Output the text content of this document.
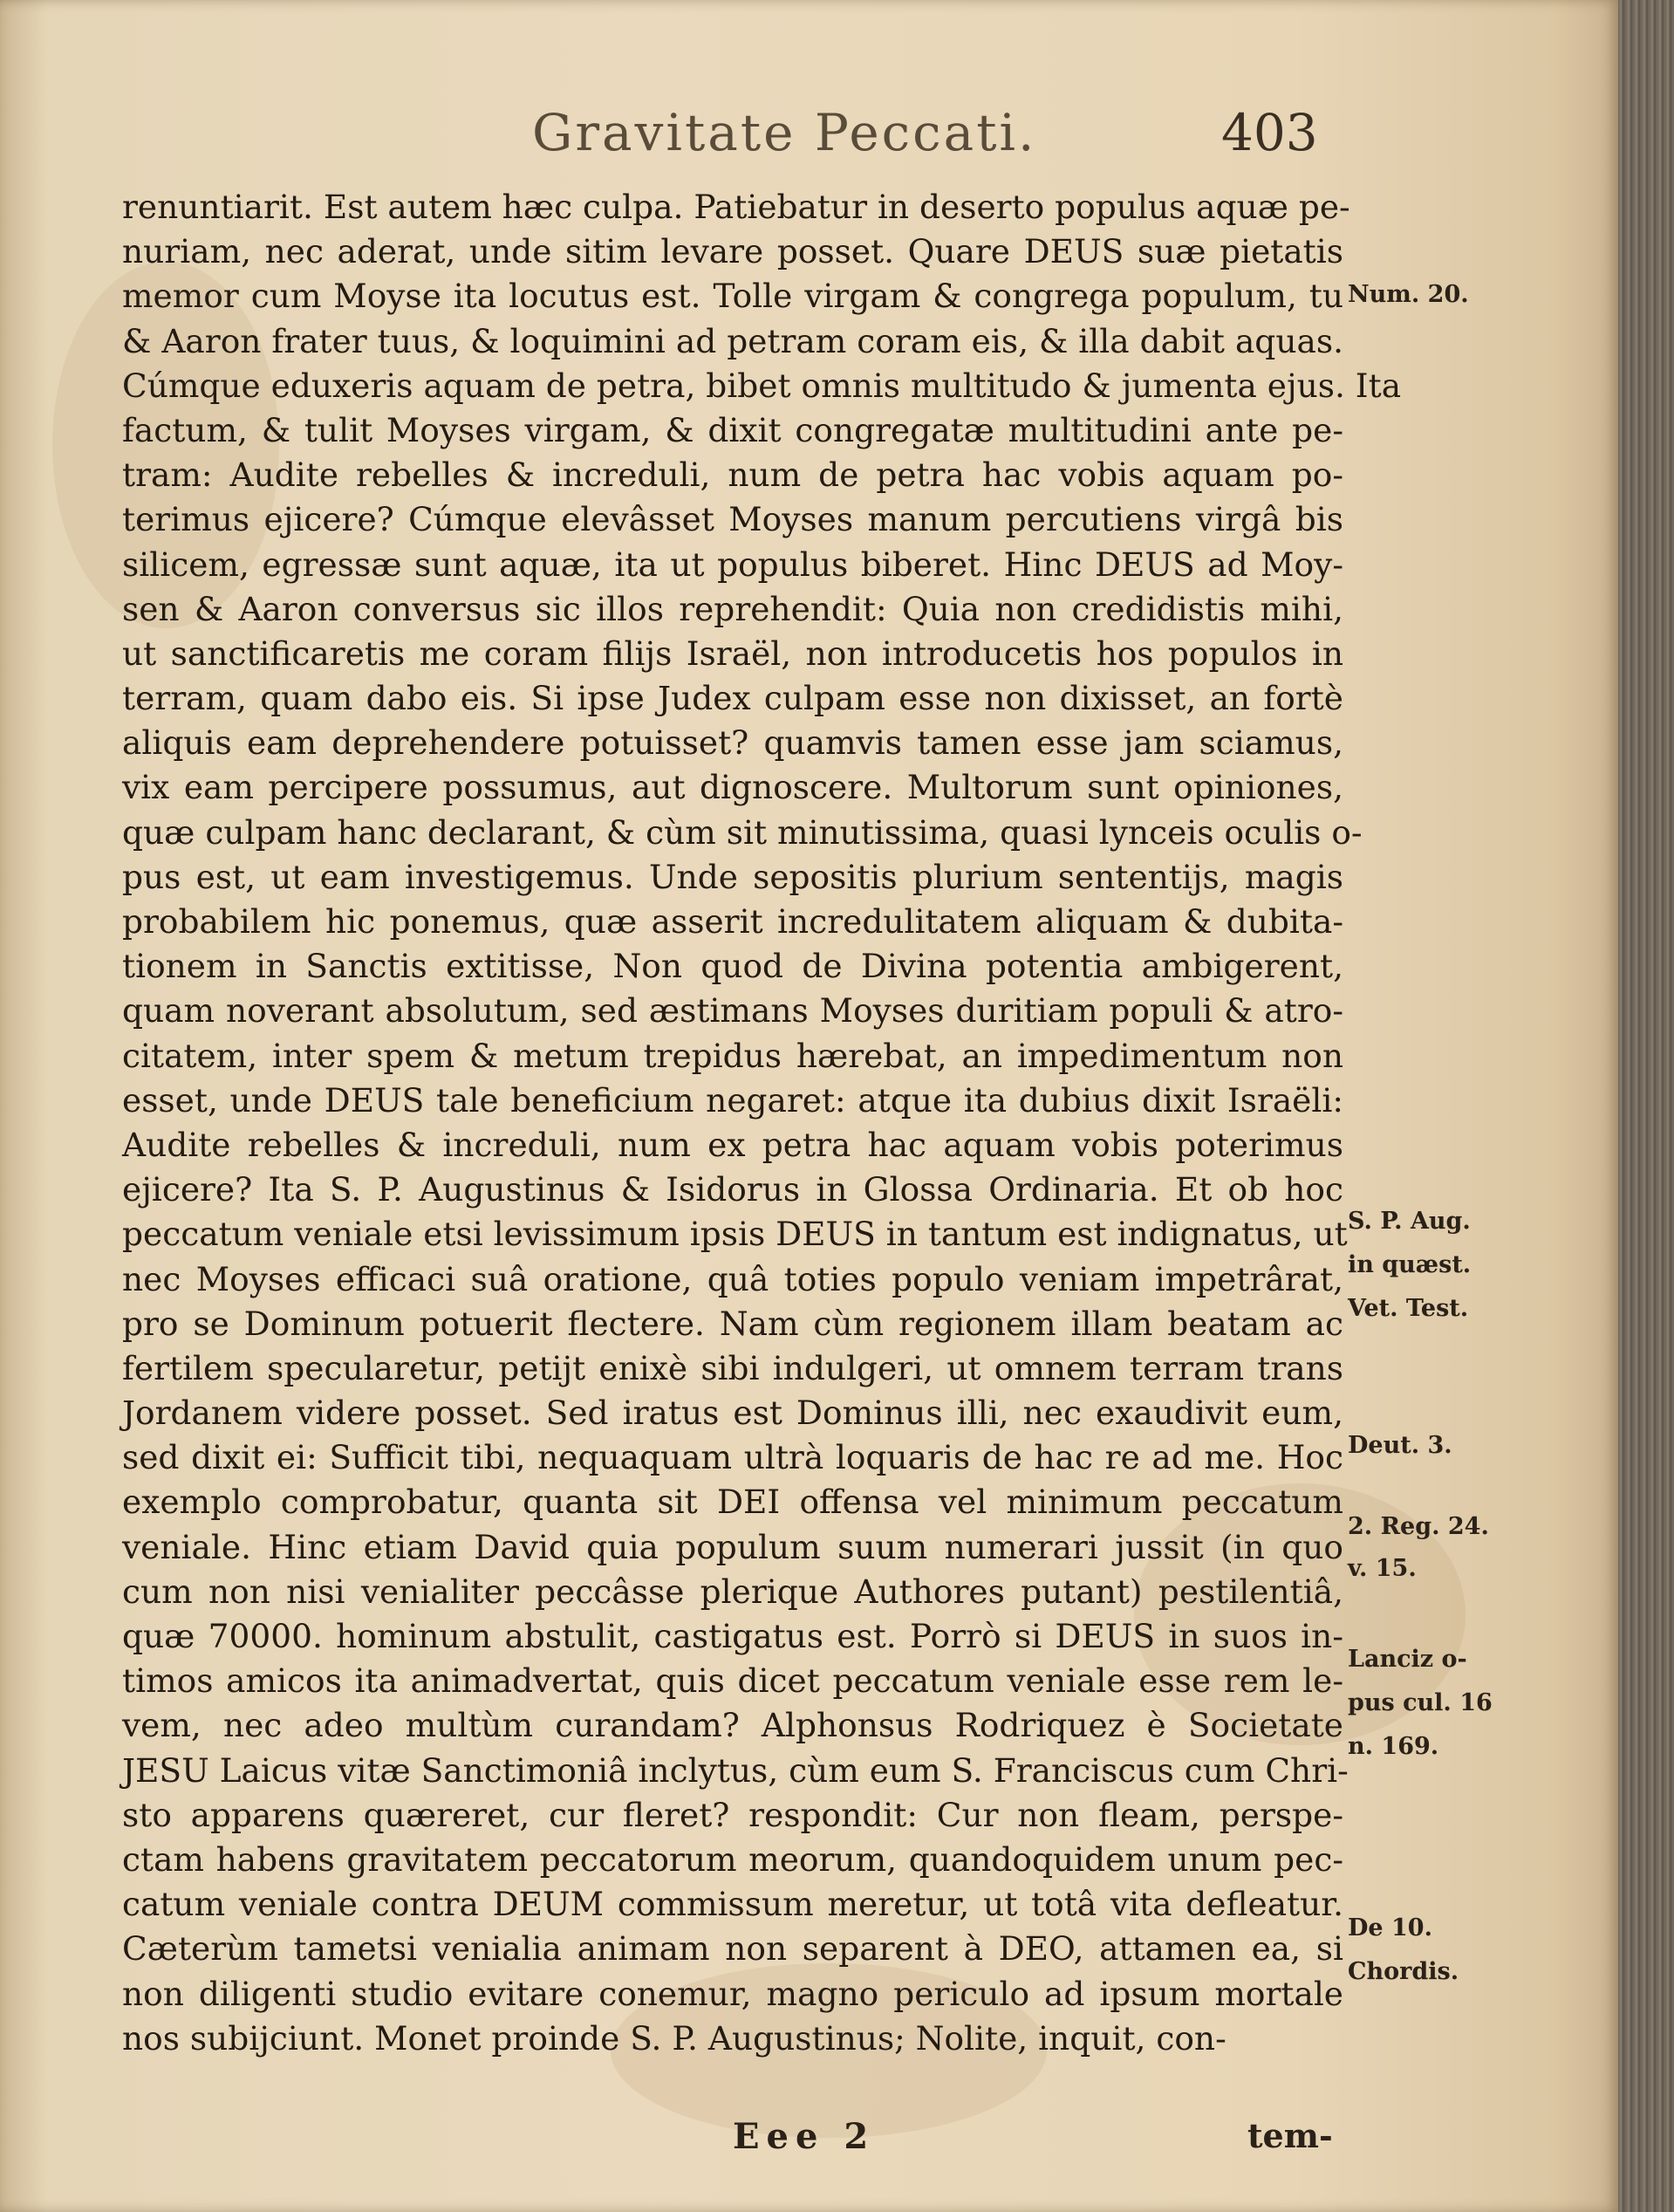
Gravitate Peccati.	403
renuntiarit. Est autem hæc culpa. Patiebatur in deserto populus aquæ pe-
nuriam, nec aderat, unde sitim levare posset. Quare DEUS suæ pietatis
memor cum Moyse ita locutus est. Tolle virgam & congrega populum, tu
& Aaron frater tuus, & loquimini ad petram coram eis, & illa dabit aquas.
Cúmque eduxeris aquam de petra, bibet omnis multitudo & jumenta ejus. Ita
factum, & tulit Moyses virgam, & dixit congregatæ multitudini ante pe-
tram: Audite rebelles & increduli, num de petra hac vobis aquam po-
terimus ejicere? Cúmque elevâsset Moyses manum percutiens virgâ bis
silicem, egressæ sunt aquæ, ita ut populus biberet. Hinc DEUS ad Moy-
sen & Aaron conversus sic illos reprehendit: Quia non credidistis mihi,
ut sanctificaretis me coram filijs Israël, non introducetis hos populos in
terram, quam dabo eis. Si ipse Judex culpam esse non dixisset, an fortè
aliquis eam deprehendere potuisset? quamvis tamen esse jam sciamus,
vix eam percipere possumus, aut dignoscere. Multorum sunt opiniones,
quæ culpam hanc declarant, & cùm sit minutissima, quasi lynceis oculis o-
pus est, ut eam investigemus. Unde sepositis plurium sententijs, magis
probabilem hic ponemus, quæ asserit incredulitatem aliquam & dubita-
tionem in Sanctis extitisse, Non quod de Divina potentia ambigerent,
quam noverant absolutum, sed æstimans Moyses duritiam populi & atro-
citatem, inter spem & metum trepidus hærebat, an impedimentum non
esset, unde DEUS tale beneficium negaret: atque ita dubius dixit Israëli:
Audite rebelles & increduli, num ex petra hac aquam vobis poterimus
ejicere? Ita S. P. Augustinus & Isidorus in Glossa Ordinaria. Et ob hoc
peccatum veniale etsi levissimum ipsis DEUS in tantum est indignatus, ut
nec Moyses efficaci suâ oratione, quâ toties populo veniam impetrârat,
pro se Dominum potuerit flectere. Nam cùm regionem illam beatam ac
fertilem specularetur, petijt enixè sibi indulgeri, ut omnem terram trans
Jordanem videre posset. Sed iratus est Dominus illi, nec exaudivit eum,
sed dixit ei: Sufficit tibi, nequaquam ultrà loquaris de hac re ad me. Hoc
exemplo comprobatur, quanta sit DEI offensa vel minimum peccatum
veniale. Hinc etiam David quia populum suum numerari jussit (in quo
cum non nisi venialiter peccâsse plerique Authores putant) pestilentiâ,
quæ 70000. hominum abstulit, castigatus est. Porrò si DEUS in suos in-
timos amicos ita animadvertat, quis dicet peccatum veniale esse rem le-
vem, nec adeo multùm curandam? Alphonsus Rodriquez è Societate
JESU Laicus vitæ Sanctimoniâ inclytus, cùm eum S. Franciscus cum Chri-
sto apparens quæreret, cur fleret? respondit: Cur non fleam, perspe-
ctam habens gravitatem peccatorum meorum, quandoquidem unum pec-
catum veniale contra DEUM commissum meretur, ut totâ vita defleatur.
Cæterùm tametsi venialia animam non separent à DEO, attamen ea, si
non diligenti studio evitare conemur, magno periculo ad ipsum mortale
nos subijciunt. Monet proinde S. P. Augustinus; Nolite, inquit, con-
Num. 20.
S. P. Aug.
in quæst.
Vet. Test.
Deut. 3.
2. Reg. 24.
v. 15.
Lanciz o-
pus cul. 16
n. 169.
De 10.
Chordis.
Eee 2	tem-
